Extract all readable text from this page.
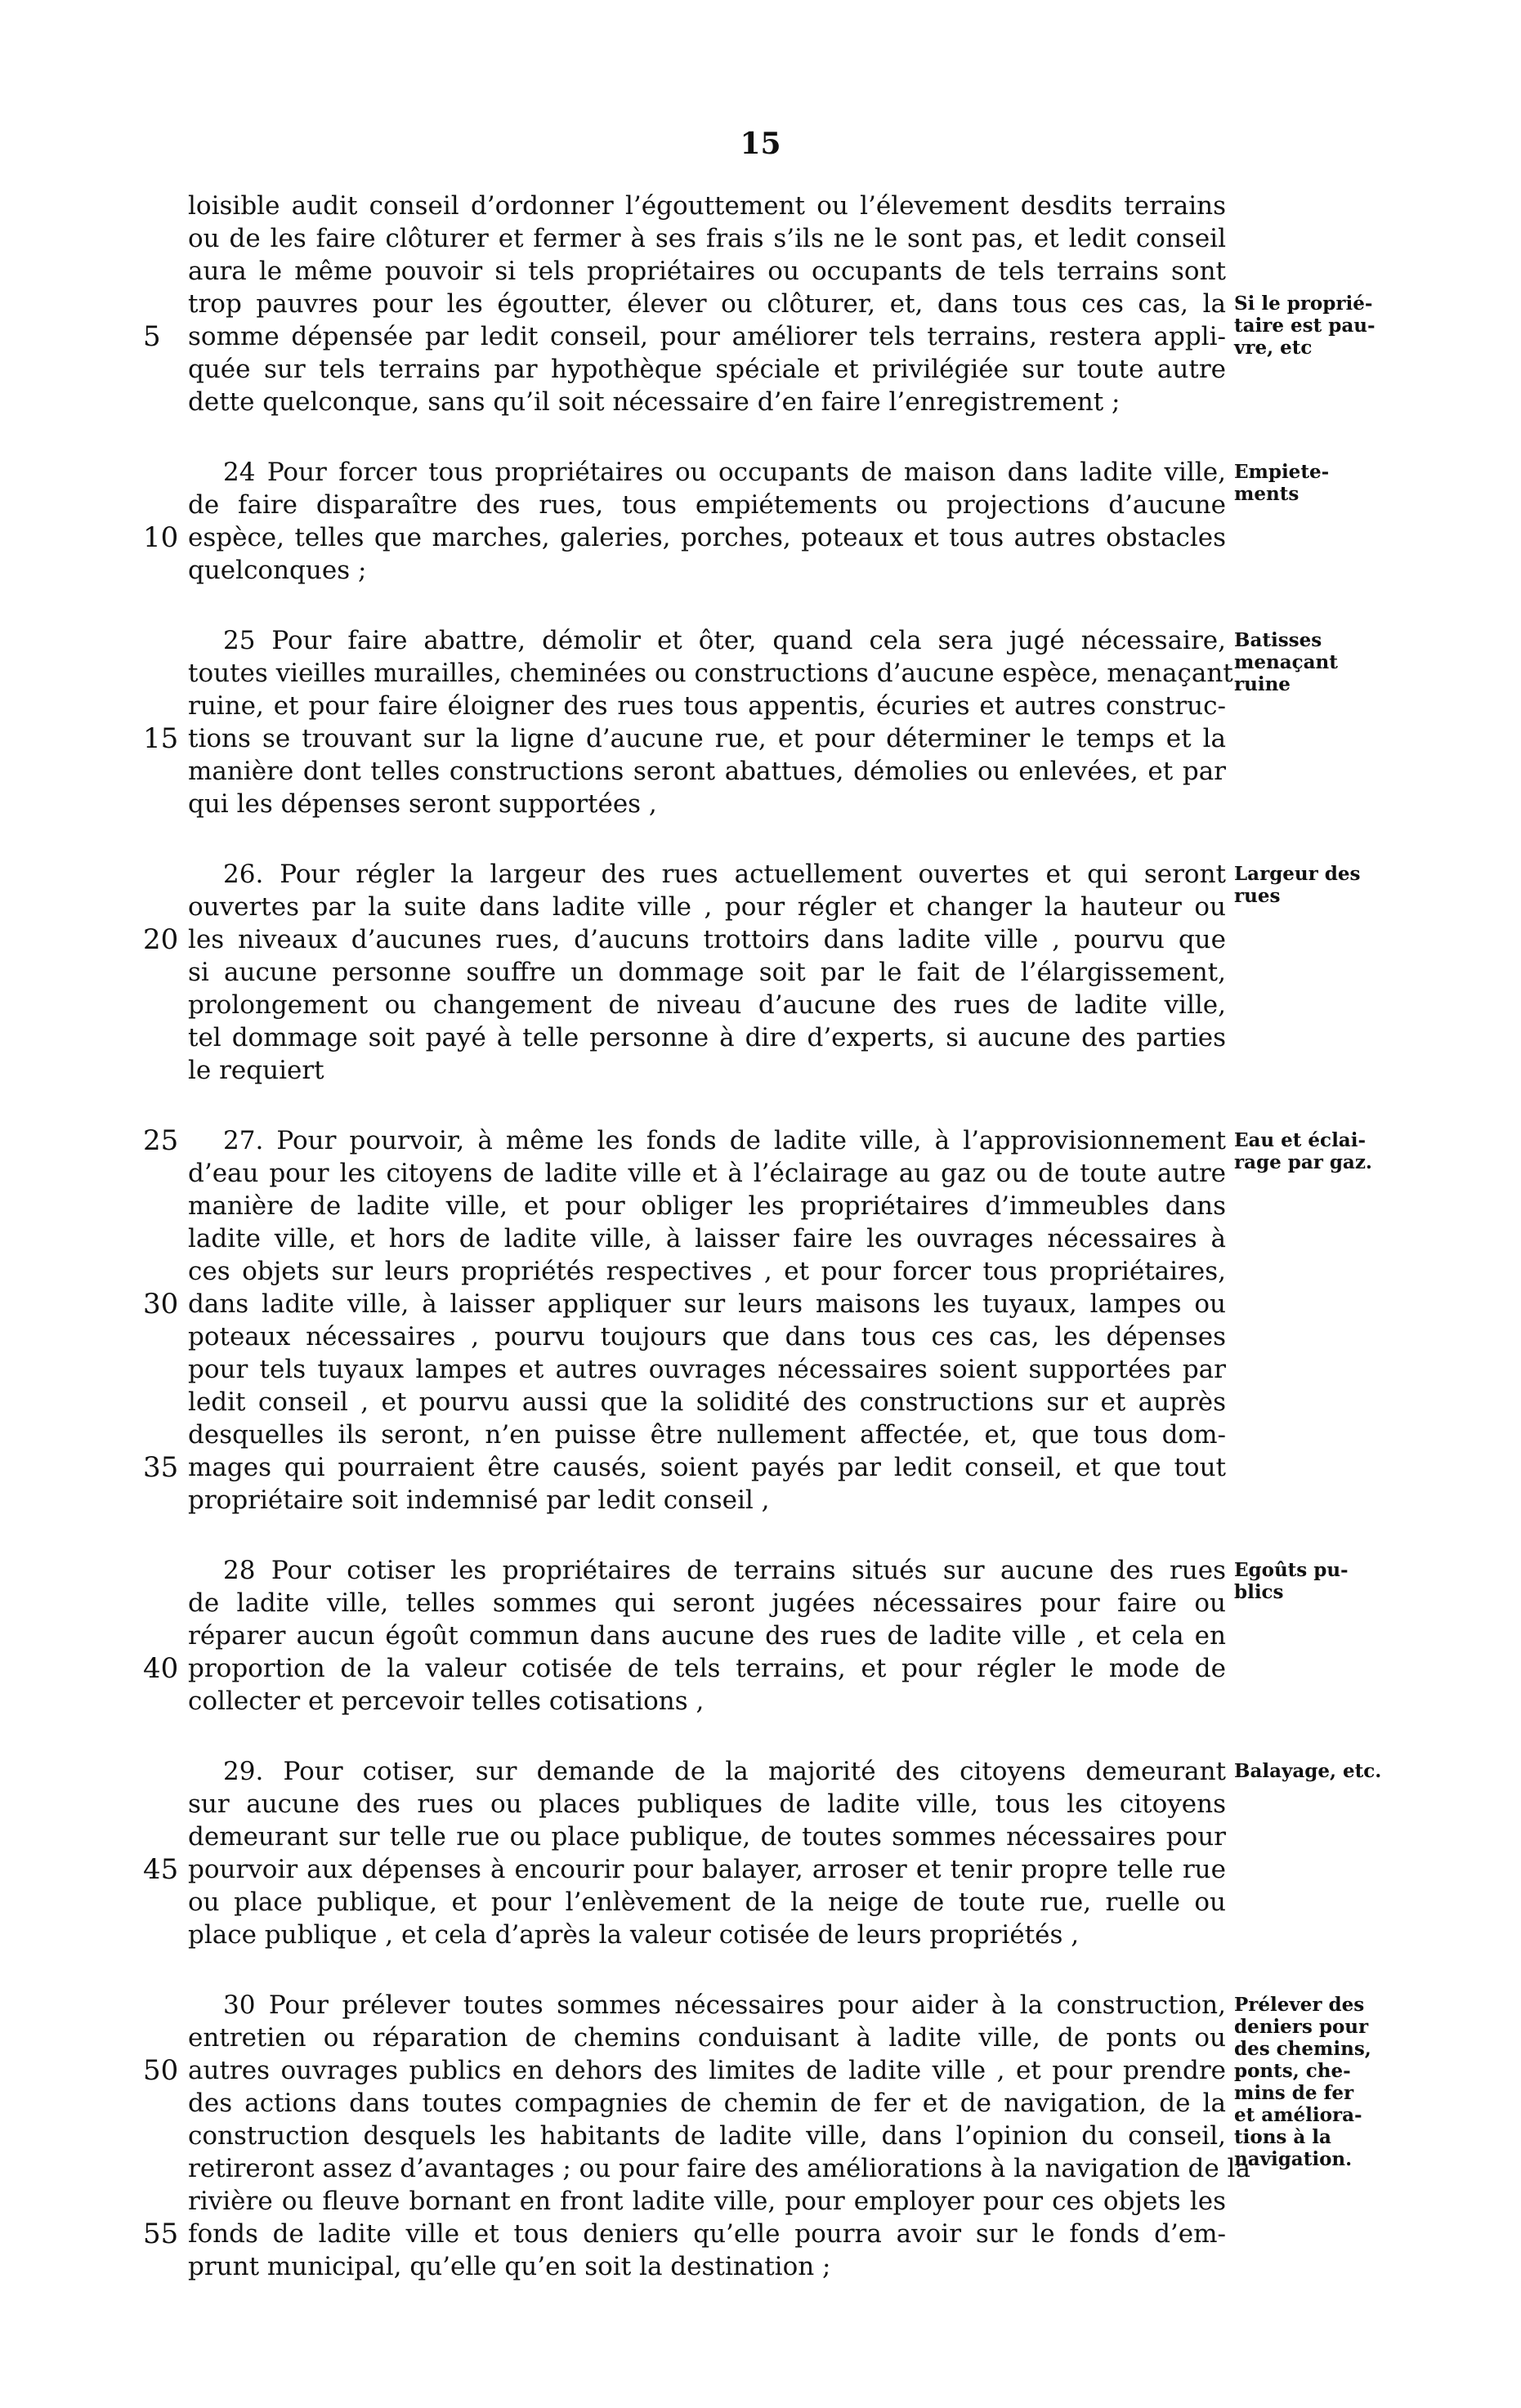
15
loisible audit conseil d’ordonner l’égouttement ou l’élevement desdits terrains
ou de les faire clôturer et fermer à ses frais s’ils ne le sont pas, et ledit conseil
aura le même pouvoir si tels propriétaires ou occupants de tels terrains sont
trop pauvres pour les égoutter, élever ou clôturer, et, dans tous ces cas, la
somme dépensée par ledit conseil, pour améliorer tels terrains, restera appli-
5
quée sur tels terrains par hypothèque spéciale et privilégiée sur toute autre
dette quelconque, sans qu’il soit nécessaire d’en faire l’enregistrement ;
24 Pour forcer tous propriétaires ou occupants de maison dans ladite ville,
de faire disparaître des rues, tous empiétements ou projections d’aucune
espèce, telles que marches, galeries, porches, poteaux et tous autres obstacles
10
quelconques ;
25 Pour faire abattre, démolir et ôter, quand cela sera jugé nécessaire,
toutes vieilles murailles, cheminées ou constructions d’aucune espèce, menaçant
ruine, et pour faire éloigner des rues tous appentis, écuries et autres construc-
tions se trouvant sur la ligne d’aucune rue, et pour déterminer le temps et la
15
manière dont telles constructions seront abattues, démolies ou enlevées, et par
qui les dépenses seront supportées ,
26. Pour régler la largeur des rues actuellement ouvertes et qui seront
ouvertes par la suite dans ladite ville , pour régler et changer la hauteur ou
les niveaux d’aucunes rues, d’aucuns trottoirs dans ladite ville , pourvu que
20
si aucune personne souffre un dommage soit par le fait de l’élargissement,
prolongement ou changement de niveau d’aucune des rues de ladite ville,
tel dommage soit payé à telle personne à dire d’experts, si aucune des parties
le requiert
27. Pour pourvoir, à même les fonds de ladite ville, à l’approvisionnement
25
d’eau pour les citoyens de ladite ville et à l’éclairage au gaz ou de toute autre
manière de ladite ville, et pour obliger les propriétaires d’immeubles dans
ladite ville, et hors de ladite ville, à laisser faire les ouvrages nécessaires à
ces objets sur leurs propriétés respectives , et pour forcer tous propriétaires,
dans ladite ville, à laisser appliquer sur leurs maisons les tuyaux, lampes ou
30
poteaux nécessaires , pourvu toujours que dans tous ces cas, les dépenses
pour tels tuyaux lampes et autres ouvrages nécessaires soient supportées par
ledit conseil , et pourvu aussi que la solidité des constructions sur et auprès
desquelles ils seront, n’en puisse être nullement affectée, et, que tous dom-
mages qui pourraient être causés, soient payés par ledit conseil, et que tout
35
propriétaire soit indemnisé par ledit conseil ,
28 Pour cotiser les propriétaires de terrains situés sur aucune des rues
de ladite ville, telles sommes qui seront jugées nécessaires pour faire ou
réparer aucun égoût commun dans aucune des rues de ladite ville , et cela en
proportion de la valeur cotisée de tels terrains, et pour régler le mode de
40
collecter et percevoir telles cotisations ,
29. Pour cotiser, sur demande de la majorité des citoyens demeurant
sur aucune des rues ou places publiques de ladite ville, tous les citoyens
demeurant sur telle rue ou place publique, de toutes sommes nécessaires pour
pourvoir aux dépenses à encourir pour balayer, arroser et tenir propre telle rue
45
ou place publique, et pour l’enlèvement de la neige de toute rue, ruelle ou
place publique , et cela d’après la valeur cotisée de leurs propriétés ,
30 Pour prélever toutes sommes nécessaires pour aider à la construction,
entretien ou réparation de chemins conduisant à ladite ville, de ponts ou
autres ouvrages publics en dehors des limites de ladite ville , et pour prendre
50
des actions dans toutes compagnies de chemin de fer et de navigation, de la
construction desquels les habitants de ladite ville, dans l’opinion du conseil,
retireront assez d’avantages ; ou pour faire des améliorations à la navigation de la
rivière ou fleuve bornant en front ladite ville, pour employer pour ces objets les
fonds de ladite ville et tous deniers qu’elle pourra avoir sur le fonds d’em-
55
prunt municipal, qu’elle qu’en soit la destination ;
Si le proprié-
taire est pau-
vre, etc
Empiete-
ments
Batisses
menaçant
ruine
Largeur des
rues
Eau et éclai-
rage par gaz.
Egoûts pu-
blics
Balayage, etc.
Prélever des
deniers pour
des chemins,
ponts, che-
mins de fer
et améliora-
tions à la
navigation.
